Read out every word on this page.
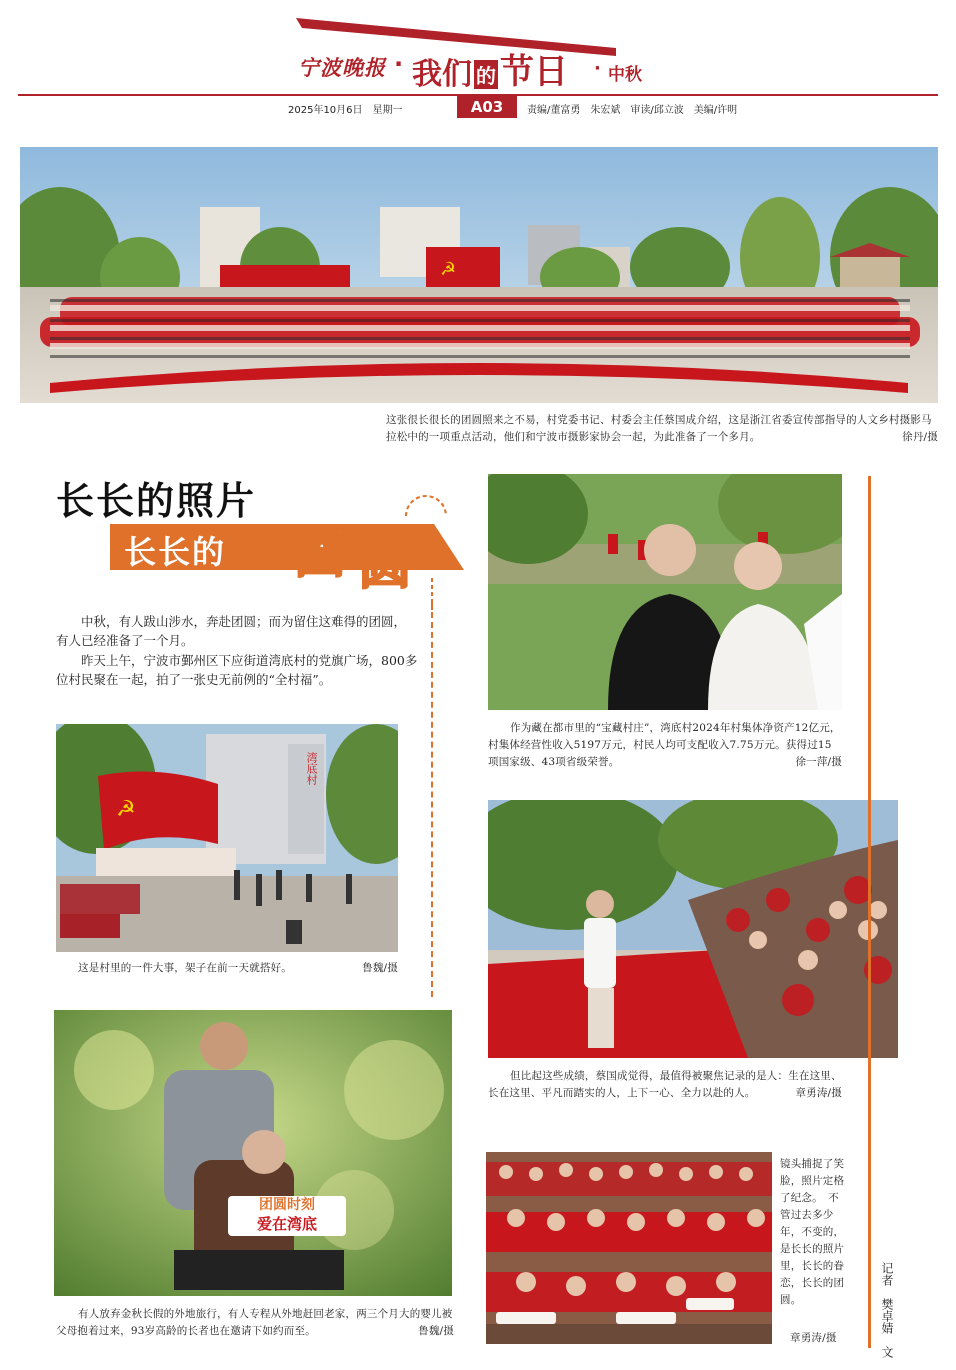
宁波晚报 · 我们 的 节日 · 中秋
2025年10月6日　星期一	A03	责编/董富勇　朱宏斌　审读/邱立波　美编/许明
☭
这张很长很长的团圆照来之不易，村党委书记、村委会主任蔡国成介绍，这是浙江省委宣传部指导的人文乡村摄影马拉松中的一项重点活动，他们和宁波市摄影家协会一起，为此准备了一个多月。	徐丹/摄
长长的照片
长长的 团 圆

中秋，有人跋山涉水，奔赴团圆；而为留住这难得的团圆，有人已经准备了一个月。

昨天上午，宁波市鄞州区下应街道湾底村的党旗广场，800多位村民聚在一起，拍了一张史无前例的“全村福”。

☭
湾底村
这是村里的一件大事，架子在前一天就搭好。	鲁魏/摄
团圆时刻
爱在湾底
有人放弃金秋长假的外地旅行，有人专程从外地赶回老家，两三个月大的婴儿被父母抱着过来，93岁高龄的长者也在邀请下如约而至。	鲁魏/摄
作为藏在都市里的“宝藏村庄”，湾底村2024年村集体净资产12亿元，村集体经营性收入5197万元，村民人均可支配收入7.75万元。获得过15项国家级、43项省级荣誉。	徐一萍/摄
但比起这些成绩，蔡国成觉得，最值得被聚焦记录的是人：生在这里、长在这里、平凡而踏实的人，上下一心、全力以赴的人。	章勇涛/摄
镜头捕捉了笑脸，照片定格了纪念。　不管过去多少年，不变的，是长长的照片里，长长的眷恋，长长的团圆。
章勇涛/摄	记者　樊卓婧　文
